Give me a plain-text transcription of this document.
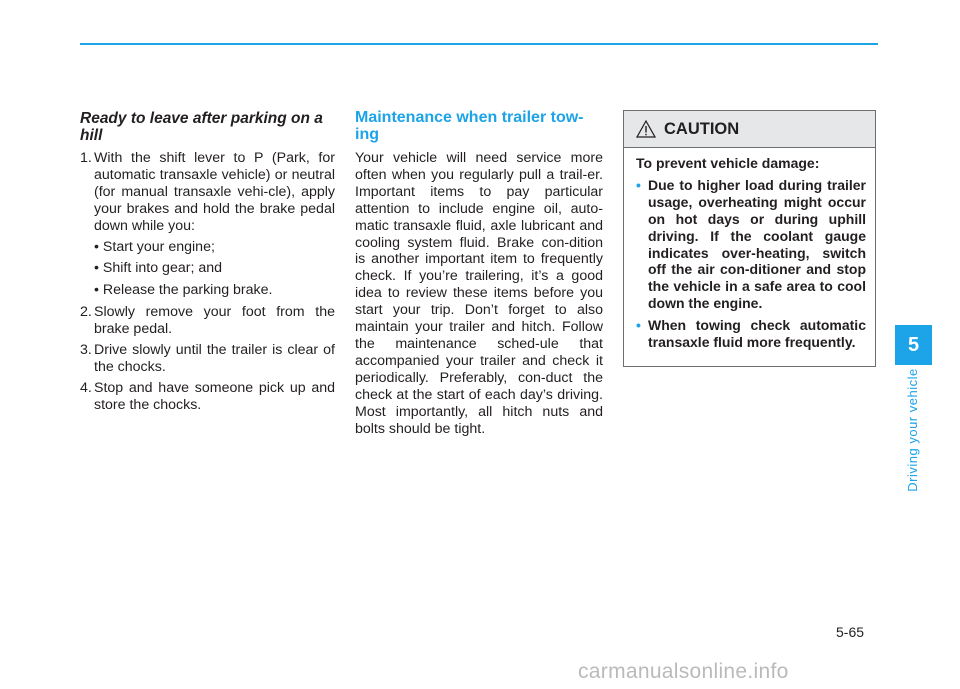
Ready to leave after parking on a hill
1. With the shift lever to P (Park, for automatic transaxle vehicle) or neutral (for manual transaxle vehi-cle), apply your brakes and hold the brake pedal down while you:
• Start your engine;
• Shift into gear; and
• Release the parking brake.
2. Slowly remove your foot from the brake pedal.
3. Drive slowly until the trailer is clear of the chocks.
4. Stop and have someone pick up and store the chocks.
Maintenance when trailer tow-ing

Your vehicle will need service more often when you regularly pull a trail-er. Important items to pay particular attention to include engine oil, auto-matic transaxle fluid, axle lubricant and cooling system fluid. Brake con-dition is another important item to frequently check. If you’re trailering, it’s a good idea to review these items before you start your trip. Don’t forget to also maintain your trailer and hitch. Follow the maintenance sched-ule that accompanied your trailer and check it periodically. Preferably, con-duct the check at the start of each day’s driving. Most importantly, all hitch nuts and bolts should be tight.

CAUTION
To prevent vehicle damage:
• Due to higher load during trailer usage, overheating might occur on hot days or during uphill driving. If the coolant gauge indicates over-heating, switch off the air con-ditioner and stop the vehicle in a safe area to cool down the engine.
• When towing check automatic transaxle fluid more frequently.	5
Driving your vehicle
5-65
carmanualsonline.info
